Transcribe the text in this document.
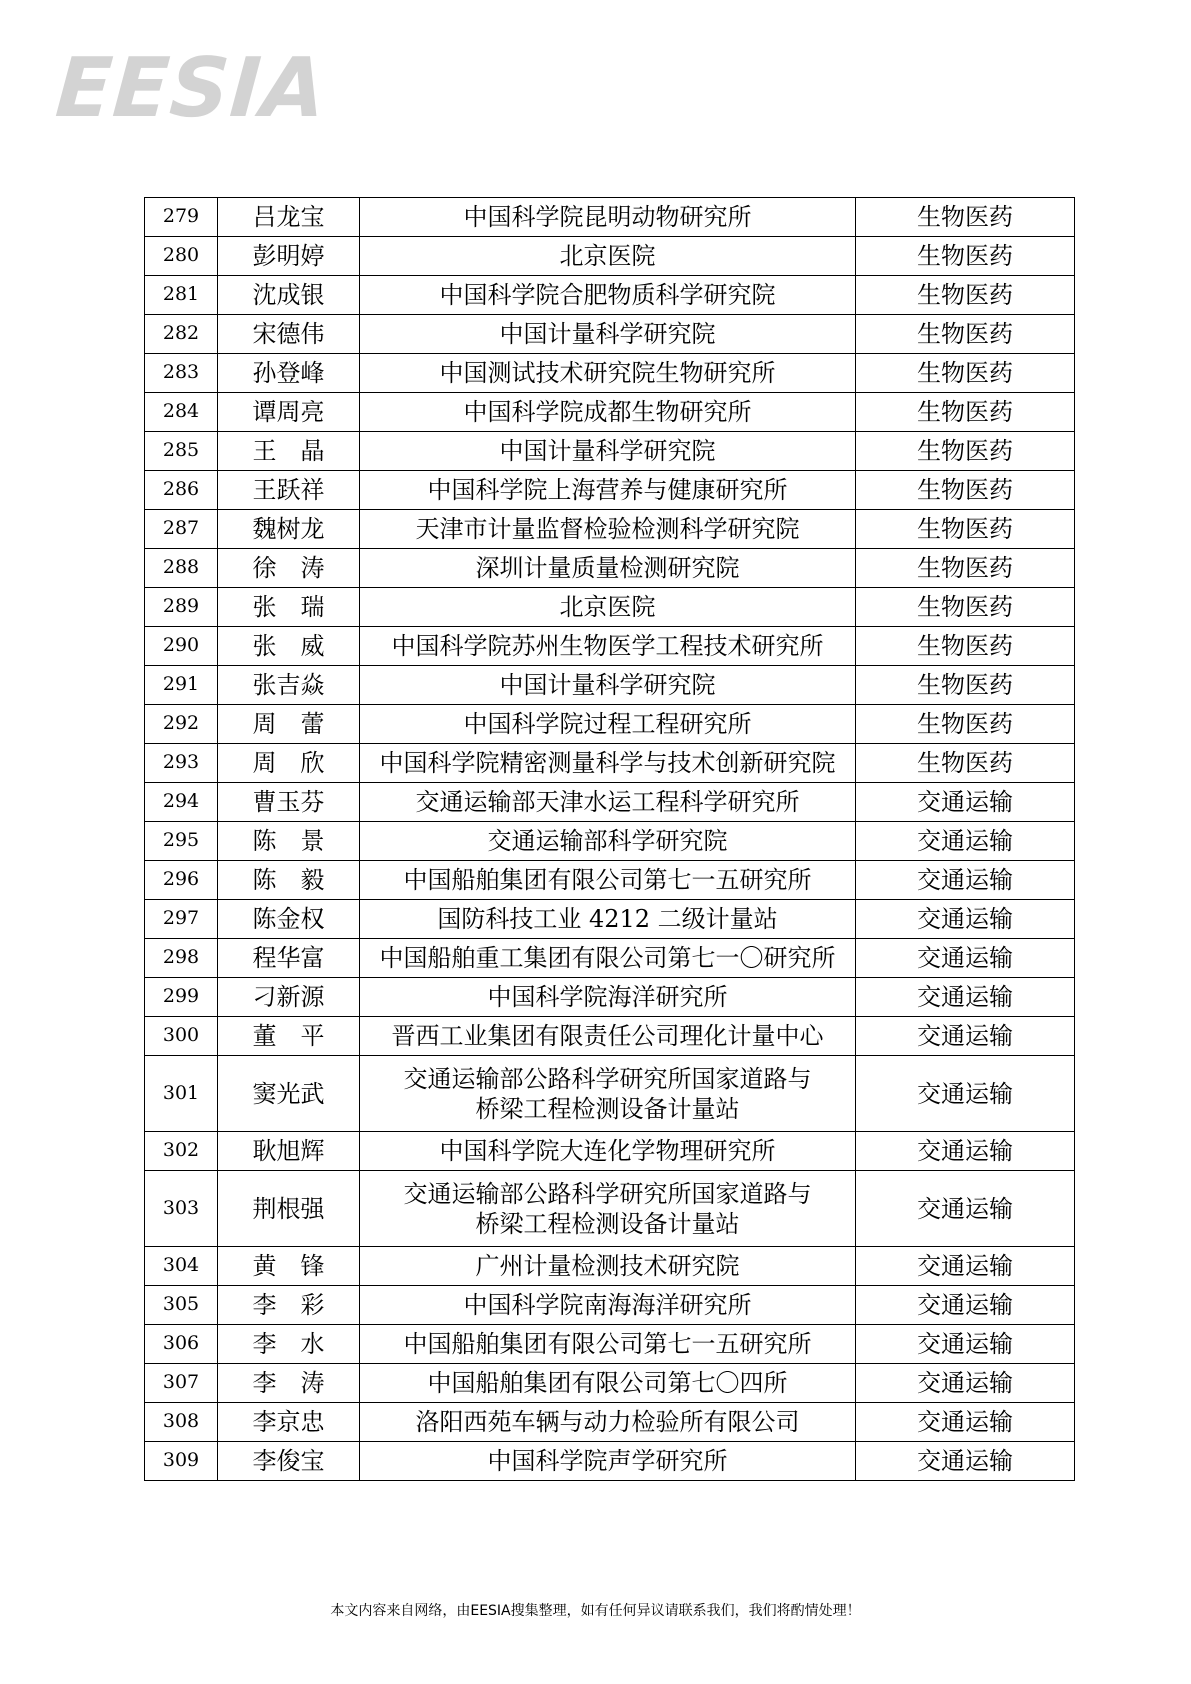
EESIA
279	吕龙宝	中国科学院昆明动物研究所	生物医药
280	彭明婷	北京医院	生物医药
281	沈成银	中国科学院合肥物质科学研究院	生物医药
282	宋德伟	中国计量科学研究院	生物医药
283	孙登峰	中国测试技术研究院生物研究所	生物医药
284	谭周亮	中国科学院成都生物研究所	生物医药
285	王　晶	中国计量科学研究院	生物医药
286	王跃祥	中国科学院上海营养与健康研究所	生物医药
287	魏树龙	天津市计量监督检验检测科学研究院	生物医药
288	徐　涛	深圳计量质量检测研究院	生物医药
289	张　瑞	北京医院	生物医药
290	张　威	中国科学院苏州生物医学工程技术研究所	生物医药
291	张吉焱	中国计量科学研究院	生物医药
292	周　蕾	中国科学院过程工程研究所	生物医药
293	周　欣	中国科学院精密测量科学与技术创新研究院	生物医药
294	曹玉芬	交通运输部天津水运工程科学研究所	交通运输
295	陈　景	交通运输部科学研究院	交通运输
296	陈　毅	中国船舶集团有限公司第七一五研究所	交通运输
297	陈金权	国防科技工业 4212 二级计量站	交通运输
298	程华富	中国船舶重工集团有限公司第七一〇研究所	交通运输
299	刁新源	中国科学院海洋研究所	交通运输
300	董　平	晋西工业集团有限责任公司理化计量中心	交通运输
301	窦光武	交通运输部公路科学研究所国家道路与
桥梁工程检测设备计量站	交通运输
302	耿旭辉	中国科学院大连化学物理研究所	交通运输
303	荆根强	交通运输部公路科学研究所国家道路与
桥梁工程检测设备计量站	交通运输
304	黄　锋	广州计量检测技术研究院	交通运输
305	李　彩	中国科学院南海海洋研究所	交通运输
306	李　水	中国船舶集团有限公司第七一五研究所	交通运输
307	李　涛	中国船舶集团有限公司第七〇四所	交通运输
308	李京忠	洛阳西苑车辆与动力检验所有限公司	交通运输
309	李俊宝	中国科学院声学研究所	交通运输
本文内容来自网络，由EESIA搜集整理，如有任何异议请联系我们，我们将酌情处理！
